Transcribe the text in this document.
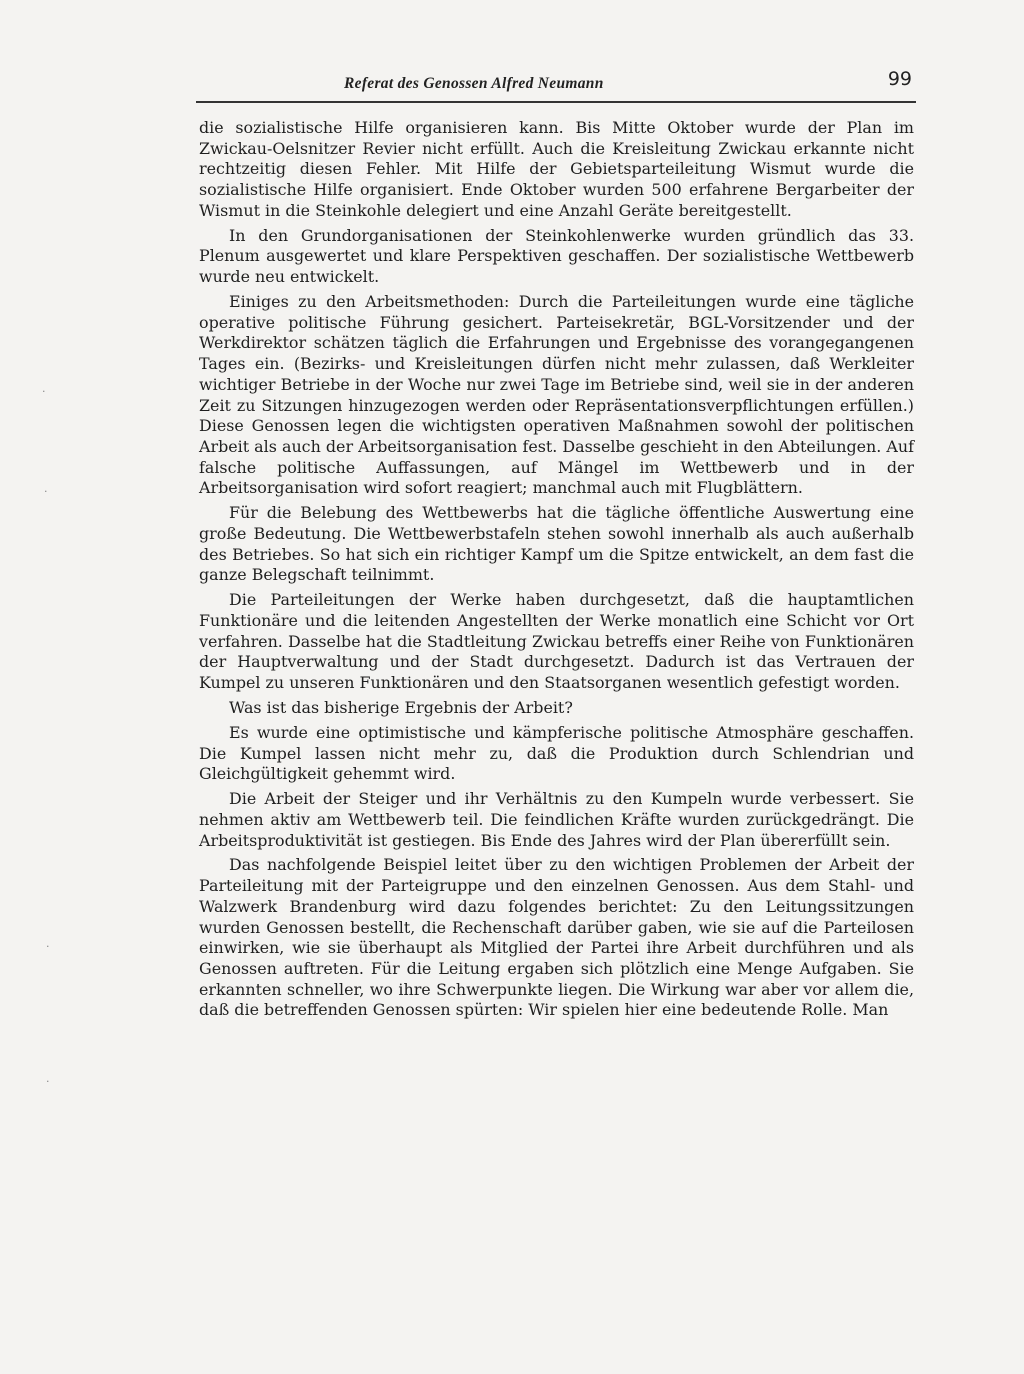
Referat des Genossen Alfred Neumann	99

die sozialistische Hilfe organisieren kann. Bis Mitte Oktober wurde der Plan im Zwickau-Oelsnitzer Revier nicht erfüllt. Auch die Kreisleitung Zwickau erkannte nicht rechtzeitig diesen Fehler. Mit Hilfe der Gebietsparteileitung Wismut wurde die sozialistische Hilfe organisiert. Ende Oktober wurden 500 erfahrene Bergarbeiter der Wismut in die Steinkohle delegiert und eine Anzahl Geräte bereitgestellt.

In den Grundorganisationen der Steinkohlenwerke wurden gründlich das 33. Plenum ausgewertet und klare Perspektiven geschaffen. Der sozialistische Wettbewerb wurde neu entwickelt.

Einiges zu den Arbeitsmethoden: Durch die Parteileitungen wurde eine tägliche operative politische Führung gesichert. Parteisekretär, BGL-Vorsitzender und der Werkdirektor schätzen täglich die Erfahrungen und Ergebnisse des vorangegangenen Tages ein. (Bezirks- und Kreisleitungen dürfen nicht mehr zulassen, daß Werkleiter wichtiger Betriebe in der Woche nur zwei Tage im Betriebe sind, weil sie in der anderen Zeit zu Sitzungen hinzugezogen werden oder Repräsentationsverpflichtungen erfüllen.) Diese Genossen legen die wichtigsten operativen Maßnahmen sowohl der politischen Arbeit als auch der Arbeitsorganisation fest. Dasselbe geschieht in den Abteilungen. Auf falsche politische Auffassungen, auf Mängel im Wettbewerb und in der Arbeitsorganisation wird sofort reagiert; manchmal auch mit Flugblättern.

Für die Belebung des Wettbewerbs hat die tägliche öffentliche Auswertung eine große Bedeutung. Die Wettbewerbstafeln stehen sowohl innerhalb als auch außerhalb des Betriebes. So hat sich ein richtiger Kampf um die Spitze entwickelt, an dem fast die ganze Belegschaft teilnimmt.

Die Parteileitungen der Werke haben durchgesetzt, daß die hauptamtlichen Funktionäre und die leitenden Angestellten der Werke monatlich eine Schicht vor Ort verfahren. Dasselbe hat die Stadtleitung Zwickau betreffs einer Reihe von Funktionären der Hauptverwaltung und der Stadt durchgesetzt. Dadurch ist das Vertrauen der Kumpel zu unseren Funktionären und den Staatsorganen wesentlich gefestigt worden.

Was ist das bisherige Ergebnis der Arbeit?

Es wurde eine optimistische und kämpferische politische Atmosphäre geschaffen. Die Kumpel lassen nicht mehr zu, daß die Produktion durch Schlendrian und Gleichgültigkeit gehemmt wird.

Die Arbeit der Steiger und ihr Verhältnis zu den Kumpeln wurde verbessert. Sie nehmen aktiv am Wettbewerb teil. Die feindlichen Kräfte wurden zurückgedrängt. Die Arbeitsproduktivität ist gestiegen. Bis Ende des Jahres wird der Plan übererfüllt sein.

Das nachfolgende Beispiel leitet über zu den wichtigen Problemen der Arbeit der Parteileitung mit der Parteigruppe und den einzelnen Genossen. Aus dem Stahl- und Walzwerk Brandenburg wird dazu folgendes berichtet: Zu den Leitungssitzungen wurden Genossen bestellt, die Rechenschaft darüber gaben, wie sie auf die Parteilosen einwirken, wie sie überhaupt als Mitglied der Partei ihre Arbeit durchführen und als Genossen auftreten. Für die Leitung ergaben sich plötzlich eine Menge Aufgaben. Sie erkannten schneller, wo ihre Schwerpunkte liegen. Die Wirkung war aber vor allem die, daß die betreffenden Genossen spürten: Wir spielen hier eine bedeutende Rolle. Man

·
·
·
·
